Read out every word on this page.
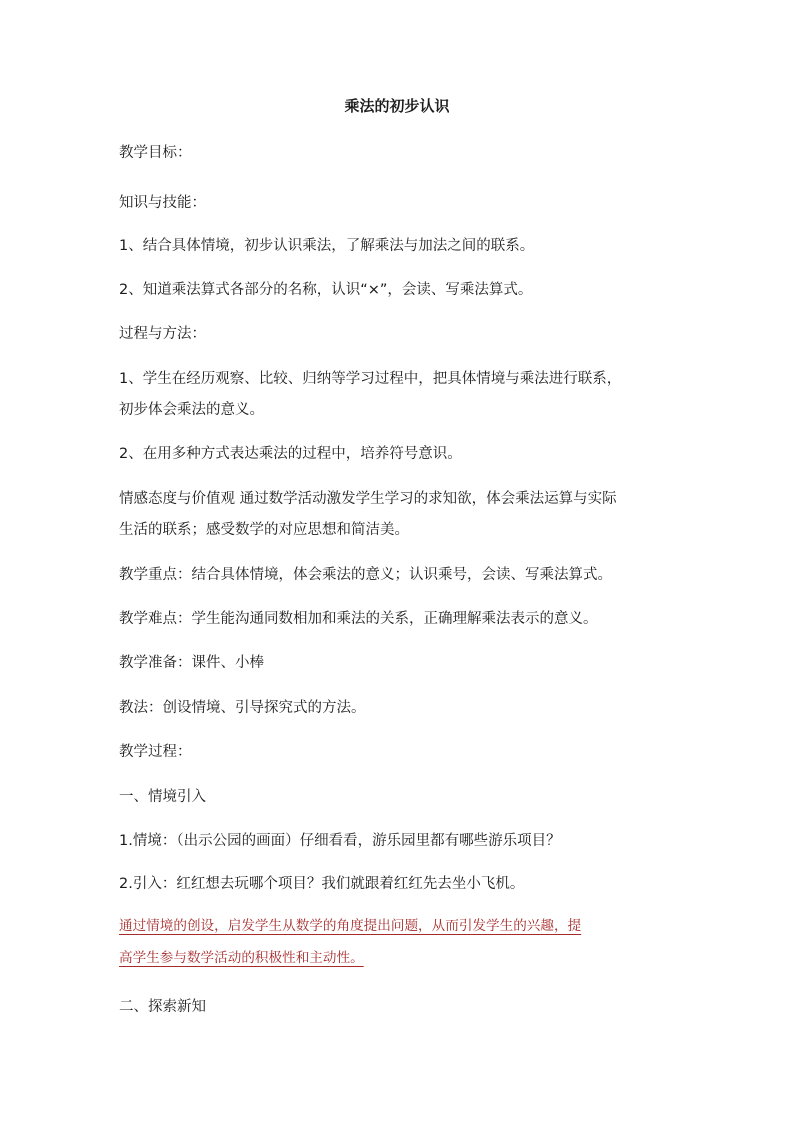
乘法的初步认识
教学目标：
知识与技能：
1、结合具体情境，初步认识乘法，了解乘法与加法之间的联系。
2、知道乘法算式各部分的名称，认识“×”，会读、写乘法算式。
过程与方法：
1、学生在经历观察、比较、归纳等学习过程中，把具体情境与乘法进行联系，
初步体会乘法的意义。
2、在用多种方式表达乘法的过程中，培养符号意识。
情感态度与价值观 通过数学活动激发学生学习的求知欲，体会乘法运算与实际
生活的联系；感受数学的对应思想和简洁美。
教学重点：结合具体情境，体会乘法的意义；认识乘号，会读、写乘法算式。
教学难点：学生能沟通同数相加和乘法的关系，正确理解乘法表示的意义。
教学准备：课件、小棒
教法：创设情境、引导探究式的方法。
教学过程：
一、情境引入
1.情境：（出示公园的画面）仔细看看，游乐园里都有哪些游乐项目？
2.引入：红红想去玩哪个项目？我们就跟着红红先去坐小飞机。
通过情境的创设，启发学生从数学的角度提出问题，从而引发学生的兴趣，提
高学生参与数学活动的积极性和主动性。
二、探索新知
